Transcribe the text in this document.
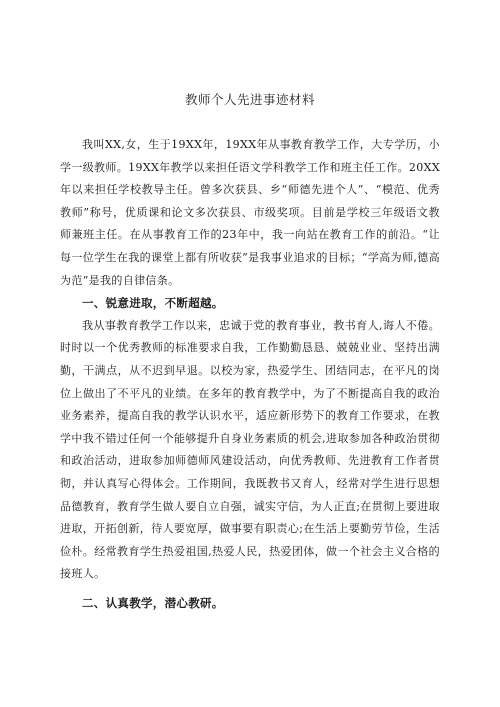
教师个人先进事迹材料

我叫XX,女，生于19XX年，19XX年从事教育教学工作，大专学历，小学一级教师。19XX年教学以来担任语文学科教学工作和班主任工作。20XX年以来担任学校教导主任。曾多次获县、乡“师德先进个人”、“模范、优秀教师”称号，优质课和论文多次获县、市级奖项。目前是学校三年级语文教师兼班主任。在从事教育工作的23年中，我一向站在教育工作的前沿。“让每一位学生在我的课堂上都有所收获”是我事业追求的目标；“学高为师,德高为范”是我的自律信条。

一、锐意进取，不断超越。

我从事教育教学工作以来，忠诚于党的教育事业，教书育人,诲人不倦。时时以一个优秀教师的标准要求自我，工作勤勤恳恳、兢兢业业、坚持出满勤，干满点，从不迟到早退。以校为家，热爱学生、团结同志，在平凡的岗位上做出了不平凡的业绩。在多年的教育教学中，为了不断提高自我的政治业务素养，提高自我的教学认识水平，适应新形势下的教育工作要求，在教学中我不错过任何一个能够提升自身业务素质的机会,进取参加各种政治贯彻和政治活动，进取参加师德师风建设活动，向优秀教师、先进教育工作者贯彻，并认真写心得体会。工作期间，我既教书又育人，经常对学生进行思想品德教育，教育学生做人要自立自强，诚实守信，为人正直;在贯彻上要进取进取，开拓创新，待人要宽厚，做事要有职责心;在生活上要勤劳节俭，生活俭朴。经常教育学生热爱祖国,热爱人民，热爱团体，做一个社会主义合格的接班人。

二、认真教学，潜心教研。
